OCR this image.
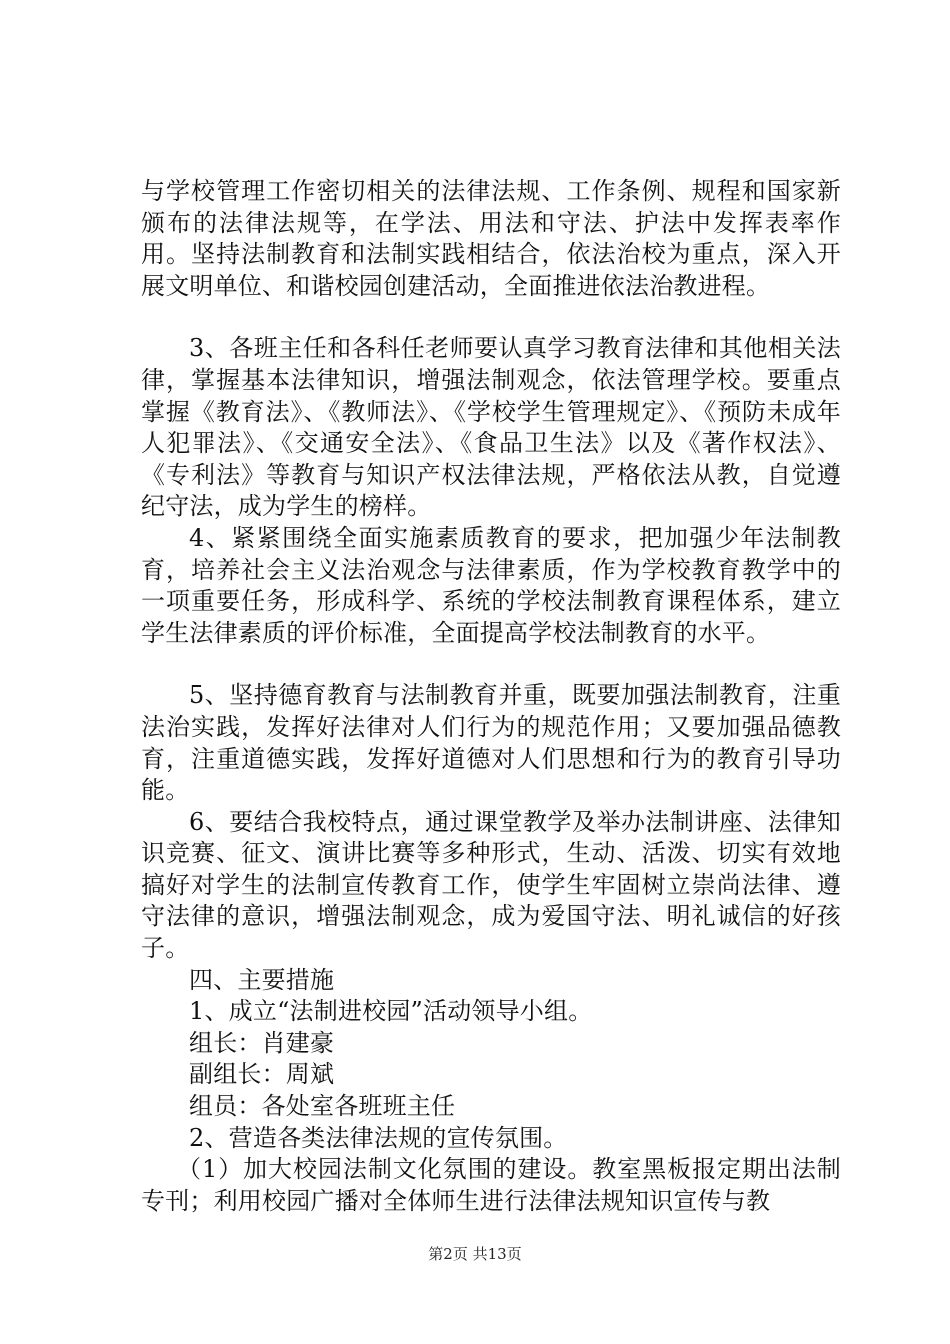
与学校管理工作密切相关的法律法规、工作条例、规程和国家新颁布的法律法规等，在学法、用法和守法、护法中发挥表率作用。坚持法制教育和法制实践相结合，依法治校为重点，深入开展文明单位、和谐校园创建活动，全面推进依法治教进程。

3、各班主任和各科任老师要认真学习教育法律和其他相关法律，掌握基本法律知识，增强法制观念，依法管理学校。要重点掌握《教育法》、《教师法》、《学校学生管理规定》、《预防未成年人犯罪法》、《交通安全法》、《食品卫生法》以及《著作权法》、《专利法》等教育与知识产权法律法规，严格依法从教，自觉遵纪守法，成为学生的榜样。

4、紧紧围绕全面实施素质教育的要求，把加强少年法制教育，培养社会主义法治观念与法律素质，作为学校教育教学中的一项重要任务，形成科学、系统的学校法制教育课程体系，建立学生法律素质的评价标准，全面提高学校法制教育的水平。

5、坚持德育教育与法制教育并重，既要加强法制教育，注重法治实践，发挥好法律对人们行为的规范作用；又要加强品德教育，注重道德实践，发挥好道德对人们思想和行为的教育引导功能。

6、要结合我校特点，通过课堂教学及举办法制讲座、法律知识竞赛、征文、演讲比赛等多种形式，生动、活泼、切实有效地搞好对学生的法制宣传教育工作，使学生牢固树立崇尚法律、遵守法律的意识，增强法制观念，成为爱国守法、明礼诚信的好孩子。

四、主要措施

1、成立“法制进校园”活动领导小组。

组长：肖建豪

副组长：周斌

组员：各处室各班班主任

2、营造各类法律法规的宣传氛围。

（1）加大校园法制文化氛围的建设。教室黑板报定期出法制专刊；利用校园广播对全体师生进行法律法规知识宣传与教

第2页 共13页
